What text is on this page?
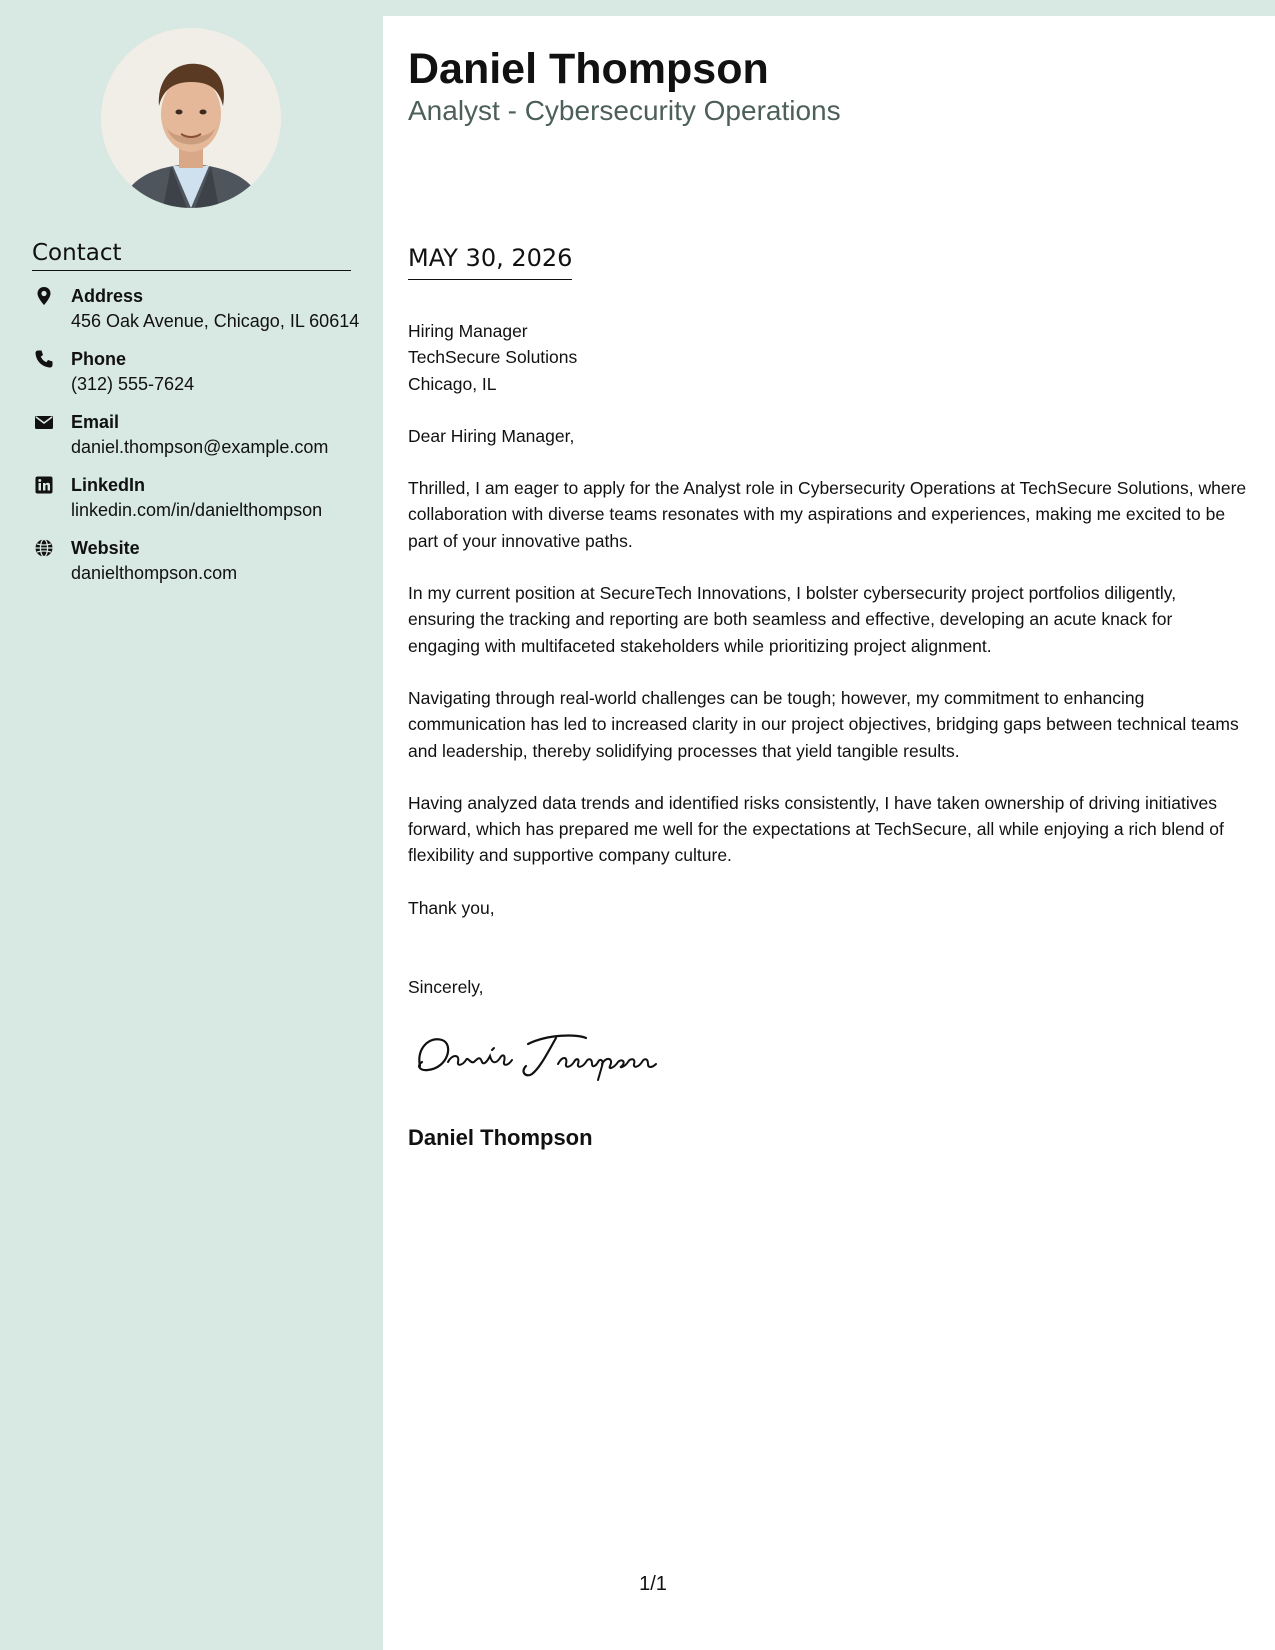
Contact
Address
456 Oak Avenue, Chicago, IL 60614
Phone
(312) 555-7624
Email
daniel.thompson@example.com
LinkedIn
linkedin.com/in/danielthompson
Website
danielthompson.com
Daniel Thompson
Analyst - Cybersecurity Operations
MAY 30, 2026

Hiring Manager
TechSecure Solutions
Chicago, IL

Dear Hiring Manager,

Thrilled, I am eager to apply for the Analyst role in Cybersecurity Operations at TechSecure Solutions, where collaboration with diverse teams resonates with my aspirations and experiences, making me excited to be part of your innovative paths.

In my current position at SecureTech Innovations, I bolster cybersecurity project portfolios diligently, ensuring the tracking and reporting are both seamless and effective, developing an acute knack for engaging with multifaceted stakeholders while prioritizing project alignment.

Navigating through real-world challenges can be tough; however, my commitment to enhancing communication has led to increased clarity in our project objectives, bridging gaps between technical teams and leadership, thereby solidifying processes that yield tangible results.

Having analyzed data trends and identified risks consistently, I have taken ownership of driving initiatives forward, which has prepared me well for the expectations at TechSecure, all while enjoying a rich blend of flexibility and supportive company culture.

Thank you,

Sincerely,

Daniel Thompson
1/1
